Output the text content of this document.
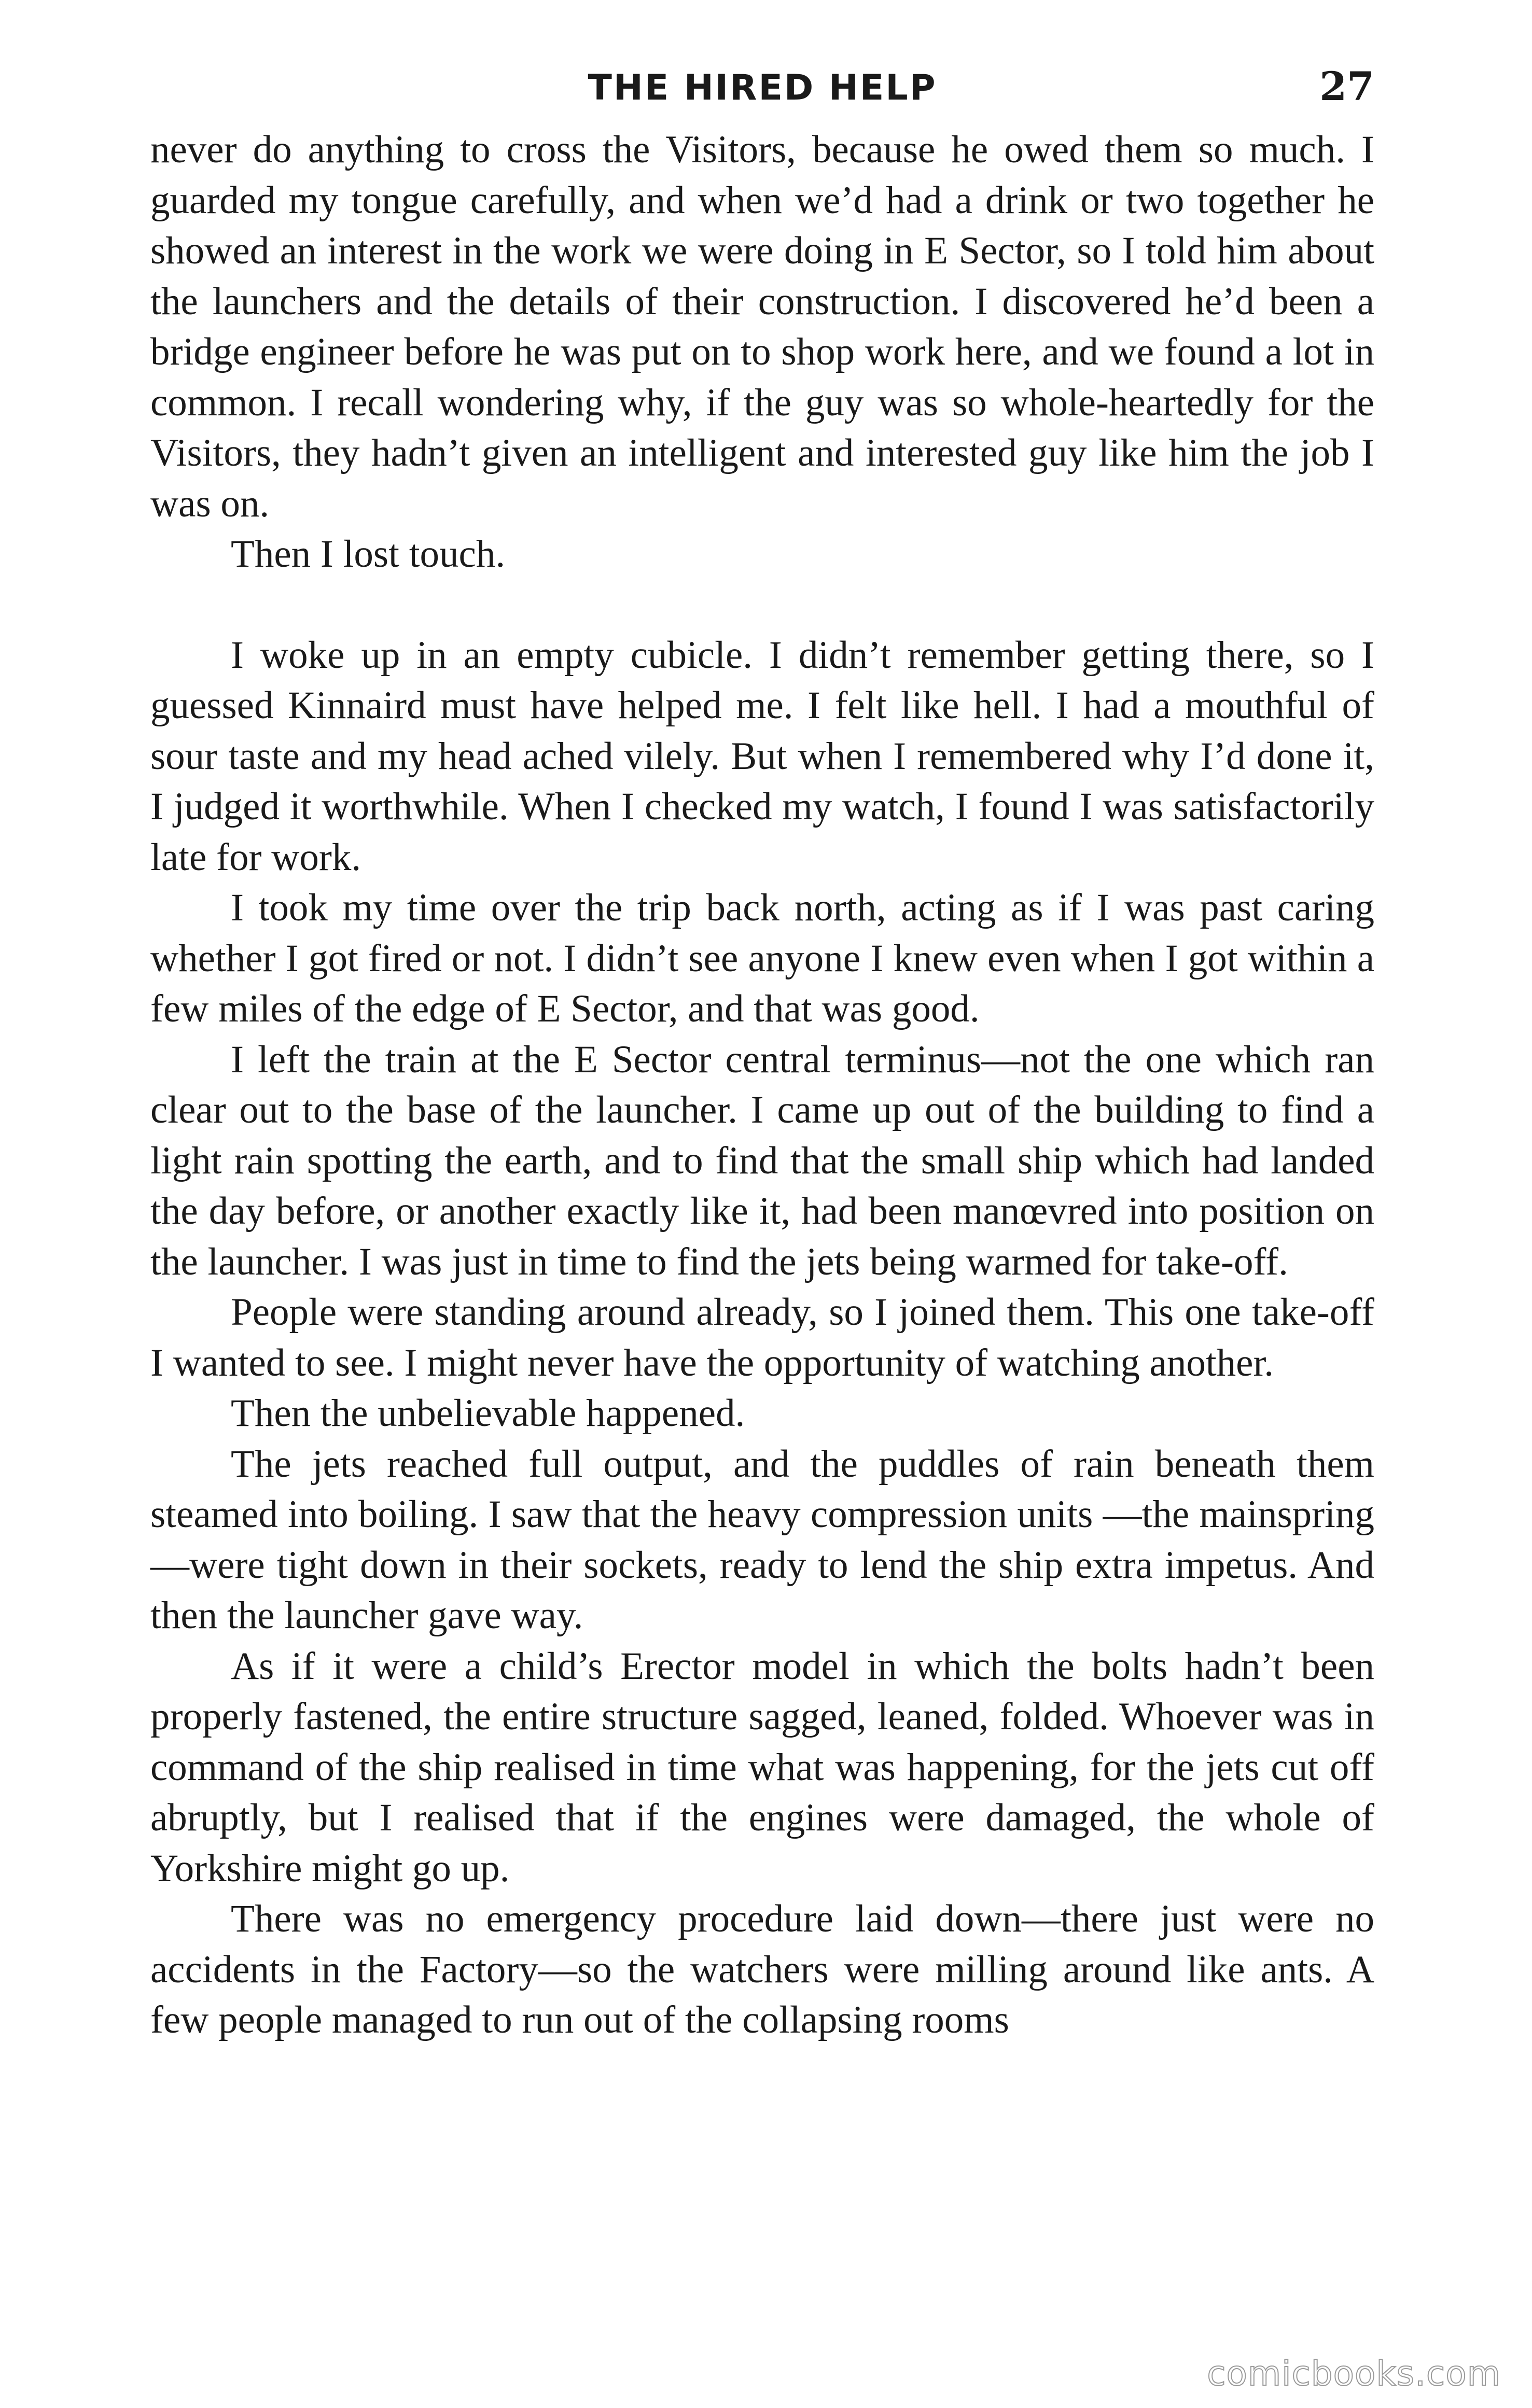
THE HIRED HELP	27

never do anything to cross the Visitors, because he owed them so much. I guarded my tongue carefully, and when we’d had a drink or two together he showed an interest in the work we were doing in E Sector, so I told him about the launchers and the details of their construction. I discovered he’d been a bridge engineer before he was put on to shop work here, and we found a lot in common. I recall wondering why, if the guy was so whole-heartedly for the Visitors, they hadn’t given an intelligent and interested guy like him the job I was on.

Then I lost touch.

I woke up in an empty cubicle. I didn’t remember getting there, so I guessed Kinnaird must have helped me. I felt like hell. I had a mouthful of sour taste and my head ached vilely. But when I remembered why I’d done it, I judged it worthwhile. When I checked my watch, I found I was satisfactorily late for work.

I took my time over the trip back north, acting as if I was past caring whether I got fired or not. I didn’t see anyone I knew even when I got within a few miles of the edge of E Sector, and that was good.

I left the train at the E Sector central terminus—not the one which ran clear out to the base of the launcher. I came up out of the building to find a light rain spotting the earth, and to find that the small ship which had landed the day before, or another exactly like it, had been manœvred into position on the launcher. I was just in time to find the jets being warmed for take-off.

People were standing around already, so I joined them. This one take-off I wanted to see. I might never have the opportunity of watching another.

Then the unbelievable happened.

The jets reached full output, and the puddles of rain beneath them steamed into boiling. I saw that the heavy compression units —the mainspring—were tight down in their sockets, ready to lend the ship extra impetus. And then the launcher gave way.

As if it were a child’s Erector model in which the bolts hadn’t been properly fastened, the entire structure sagged, leaned, folded. Whoever was in command of the ship realised in time what was happening, for the jets cut off abruptly, but I realised that if the engines were damaged, the whole of Yorkshire might go up.

There was no emergency procedure laid down—there just were no accidents in the Factory—so the watchers were milling around like ants. A few people managed to run out of the collapsing rooms

comicbooks.com
